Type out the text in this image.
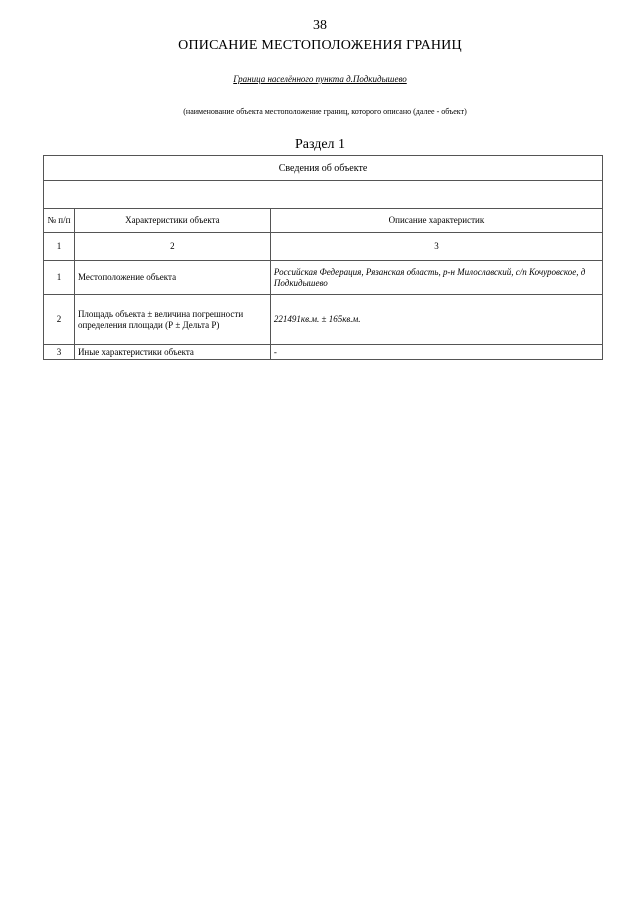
38
ОПИСАНИЕ МЕСТОПОЛОЖЕНИЯ ГРАНИЦ
Граница населённого пункта д.Подкидышево
(наименование объекта местоположение границ, которого описано (далее - объект)
Раздел 1
Сведения об объекте		

№ п/п	Характеристики объекта	Описание характеристик
1	2	3
1	Местоположение объекта	Российская Федерация, Рязанская область, р-н Милославский, с/п Кочуровское, д Подкидышево
2	Площадь объекта ± величина погрешности определения площади (Р ± Дельта Р)	221491кв.м. ± 165кв.м.
3	Иные характеристики объекта	-
